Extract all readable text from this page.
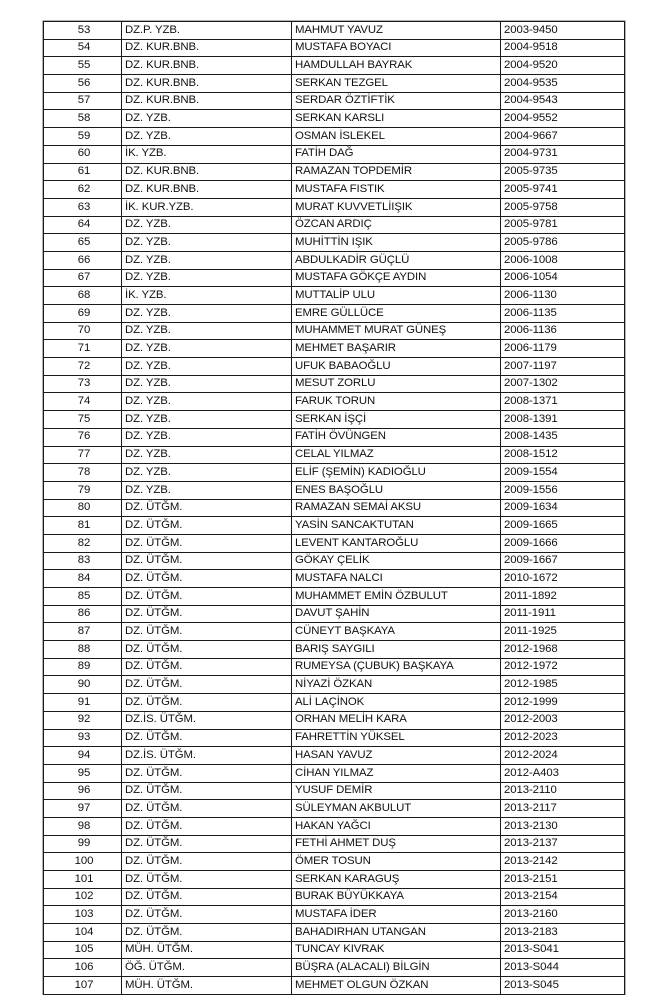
53	DZ.P. YZB.	MAHMUT YAVUZ	2003-9450
54	DZ. KUR.BNB.	MUSTAFA BOYACI	2004-9518
55	DZ. KUR.BNB.	HAMDULLAH BAYRAK	2004-9520
56	DZ. KUR.BNB.	SERKAN TEZGEL	2004-9535
57	DZ. KUR.BNB.	SERDAR ÖZTİFTİK	2004-9543
58	DZ. YZB.	SERKAN KARSLI	2004-9552
59	DZ. YZB.	OSMAN İSLEKEL	2004-9667
60	İK. YZB.	FATİH DAĞ	2004-9731
61	DZ. KUR.BNB.	RAMAZAN TOPDEMİR	2005-9735
62	DZ. KUR.BNB.	MUSTAFA FISTIK	2005-9741
63	İK. KUR.YZB.	MURAT KUVVETLİIŞIK	2005-9758
64	DZ. YZB.	ÖZCAN ARDIÇ	2005-9781
65	DZ. YZB.	MUHİTTİN IŞIK	2005-9786
66	DZ. YZB.	ABDULKADİR GÜÇLÜ	2006-1008
67	DZ. YZB.	MUSTAFA GÖKÇE AYDIN	2006-1054
68	İK. YZB.	MUTTALİP ULU	2006-1130
69	DZ. YZB.	EMRE GÜLLÜCE	2006-1135
70	DZ. YZB.	MUHAMMET MURAT GÜNEŞ	2006-1136
71	DZ. YZB.	MEHMET BAŞARIR	2006-1179
72	DZ. YZB.	UFUK BABAOĞLU	2007-1197
73	DZ. YZB.	MESUT ZORLU	2007-1302
74	DZ. YZB.	FARUK TORUN	2008-1371
75	DZ. YZB.	SERKAN İŞÇİ	2008-1391
76	DZ. YZB.	FATİH ÖVÜNGEN	2008-1435
77	DZ. YZB.	CELAL YILMAZ	2008-1512
78	DZ. YZB.	ELİF (ŞEMİN) KADIOĞLU	2009-1554
79	DZ. YZB.	ENES BAŞOĞLU	2009-1556
80	DZ. ÜTĞM.	RAMAZAN SEMAİ AKSU	2009-1634
81	DZ. ÜTĞM.	YASİN SANCAKTUTAN	2009-1665
82	DZ. ÜTĞM.	LEVENT KANTAROĞLU	2009-1666
83	DZ. ÜTĞM.	GÖKAY ÇELİK	2009-1667
84	DZ. ÜTĞM.	MUSTAFA NALCI	2010-1672
85	DZ. ÜTĞM.	MUHAMMET EMİN ÖZBULUT	2011-1892
86	DZ. ÜTĞM.	DAVUT ŞAHİN	2011-1911
87	DZ. ÜTĞM.	CÜNEYT BAŞKAYA	2011-1925
88	DZ. ÜTĞM.	BARIŞ SAYGILI	2012-1968
89	DZ. ÜTĞM.	RUMEYSA (ÇUBUK) BAŞKAYA	2012-1972
90	DZ. ÜTĞM.	NİYAZİ ÖZKAN	2012-1985
91	DZ. ÜTĞM.	ALİ LAÇİNOK	2012-1999
92	DZ.İS. ÜTĞM.	ORHAN MELİH KARA	2012-2003
93	DZ. ÜTĞM.	FAHRETTİN YÜKSEL	2012-2023
94	DZ.İS. ÜTĞM.	HASAN YAVUZ	2012-2024
95	DZ. ÜTĞM.	CİHAN YILMAZ	2012-A403
96	DZ. ÜTĞM.	YUSUF DEMİR	2013-2110
97	DZ. ÜTĞM.	SÜLEYMAN AKBULUT	2013-2117
98	DZ. ÜTĞM.	HAKAN YAĞCI	2013-2130
99	DZ. ÜTĞM.	FETHİ AHMET DUŞ	2013-2137
100	DZ. ÜTĞM.	ÖMER TOSUN	2013-2142
101	DZ. ÜTĞM.	SERKAN KARAGUŞ	2013-2151
102	DZ. ÜTĞM.	BURAK BÜYÜKKAYA	2013-2154
103	DZ. ÜTĞM.	MUSTAFA İDER	2013-2160
104	DZ. ÜTĞM.	BAHADIRHAN UTANGAN	2013-2183
105	MÜH. ÜTĞM.	TUNCAY KIVRAK	2013-S041
106	ÖĞ. ÜTĞM.	BÜŞRA (ALACALI) BİLGİN	2013-S044
107	MÜH. ÜTĞM.	MEHMET OLGUN ÖZKAN	2013-S045
